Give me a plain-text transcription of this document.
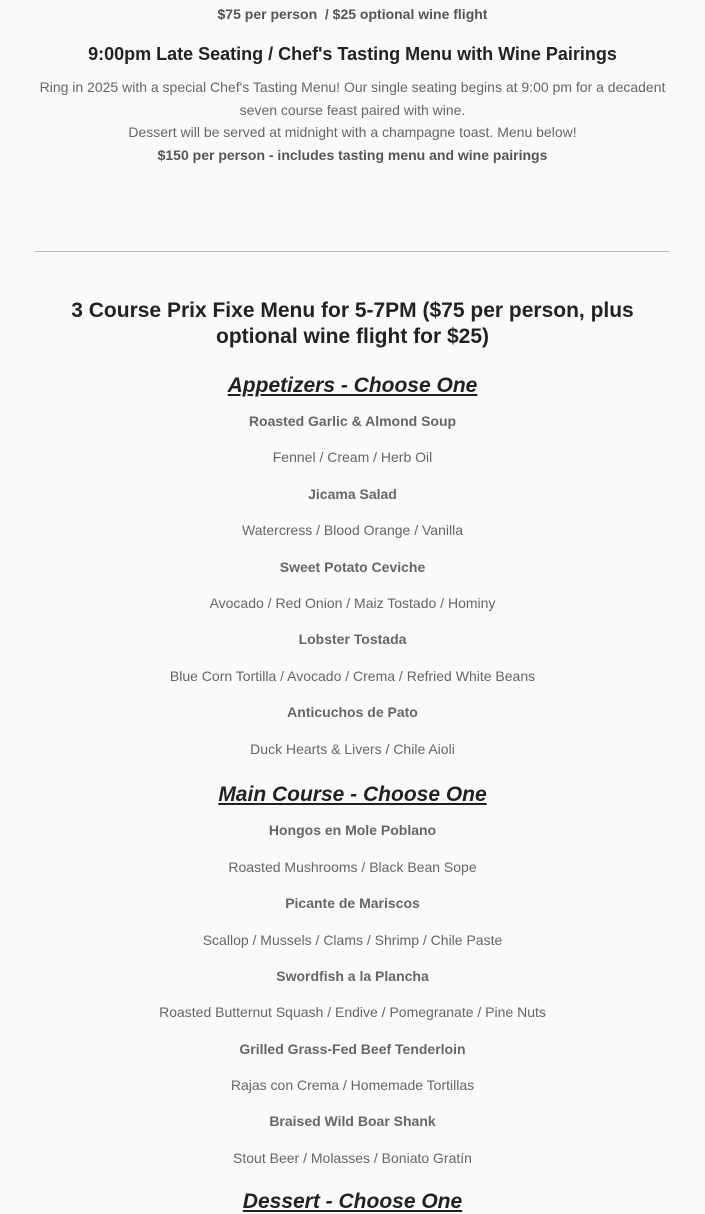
$75 per person  / $25 optional wine flight
9:00pm Late Seating / Chef's Tasting Menu with Wine Pairings

Ring in 2025 with a special Chef's Tasting Menu! Our single seating begins at 9:00 pm for a decadent seven course feast paired with wine.

Dessert will be served at midnight with a champagne toast. Menu below!

$150 per person - includes tasting menu and wine pairings

3 Course Prix Fixe Menu for 5-7PM ($75 per person, plus optional wine flight for $25)
Appetizers - Choose One
Roasted Garlic & Almond Soup
Fennel / Cream / Herb Oil
Jicama Salad
Watercress / Blood Orange / Vanilla
Sweet Potato Ceviche
Avocado / Red Onion / Maiz Tostado / Hominy
Lobster Tostada
Blue Corn Tortilla / Avocado / Crema / Refried White Beans
Anticuchos de Pato
Duck Hearts & Livers / Chile Aioli
Main Course - Choose One
Hongos en Mole Poblano
Roasted Mushrooms / Black Bean Sope
Picante de Mariscos
Scallop / Mussels / Clams / Shrimp / Chile Paste
Swordfish a la Plancha
Roasted Butternut Squash / Endive / Pomegranate / Pine Nuts
Grilled Grass-Fed Beef Tenderloin
Rajas con Crema / Homemade Tortillas
Braised Wild Boar Shank
Stout Beer / Molasses / Boniato Gratín
Dessert - Choose One
